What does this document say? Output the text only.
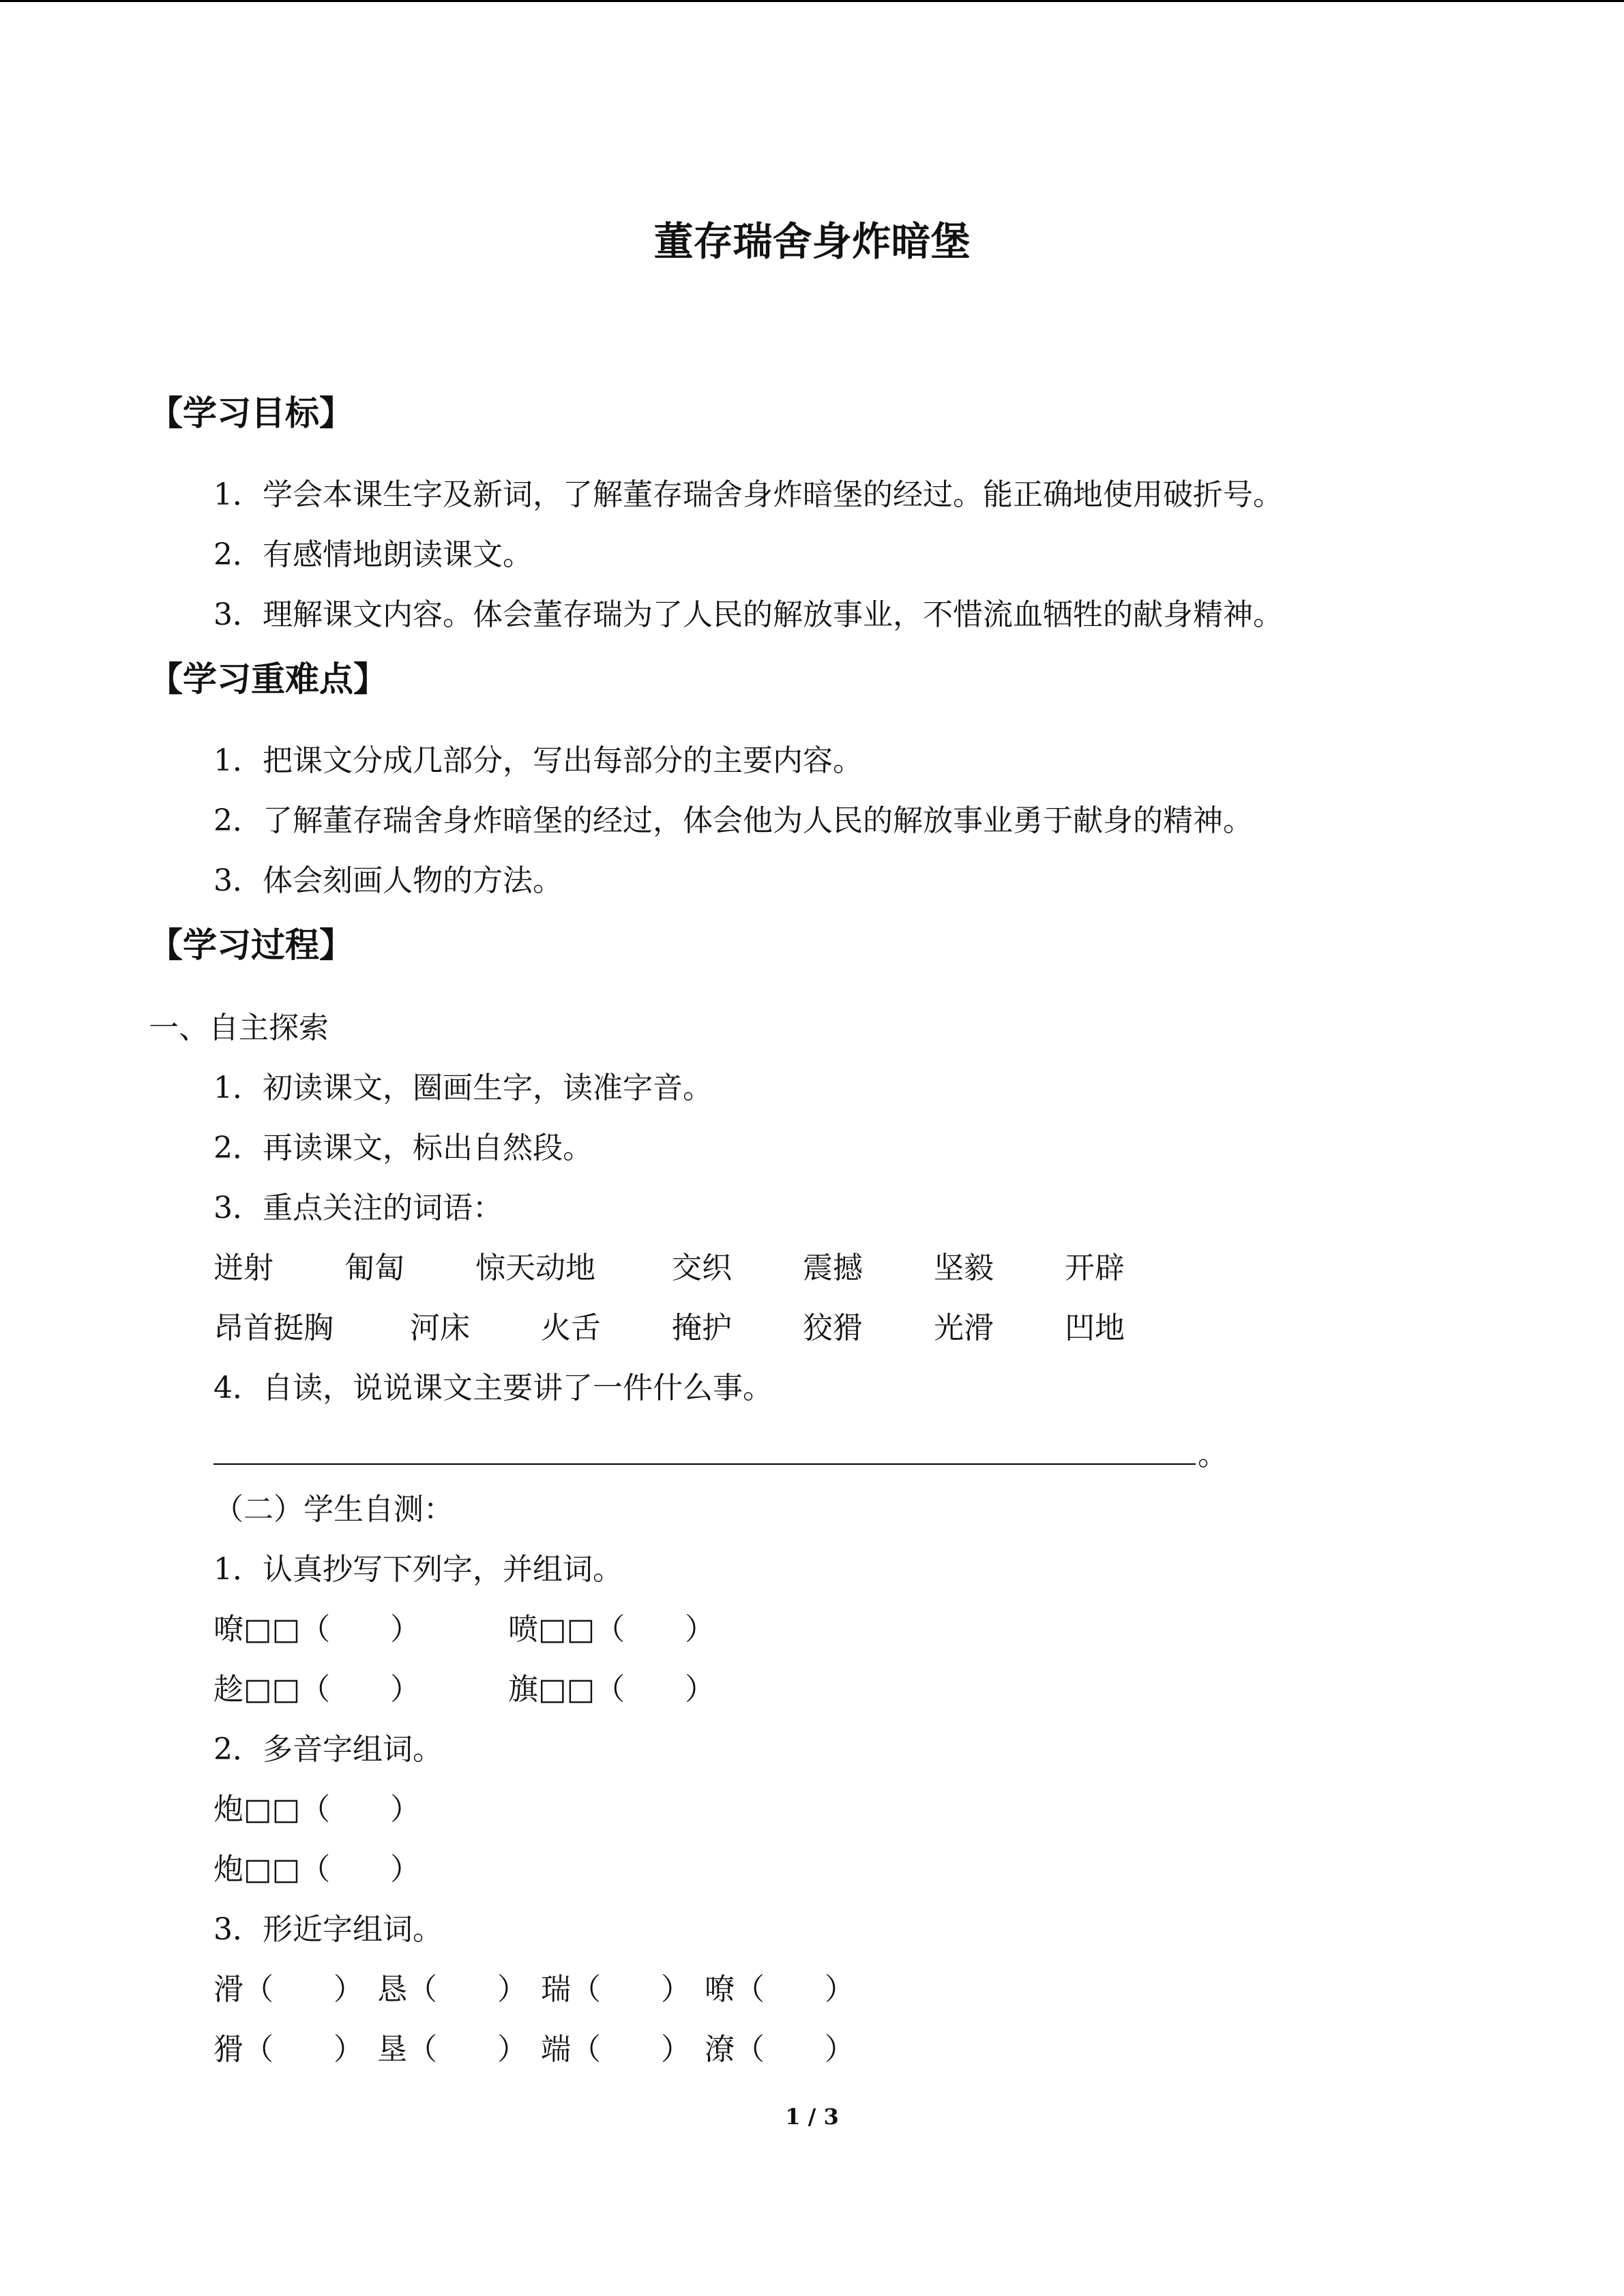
董存瑞舍身炸暗堡
【学习目标】
1．学会本课生字及新词，了解董存瑞舍身炸暗堡的经过。能正确地使用破折号。
2．有感情地朗读课文。
3．理解课文内容。体会董存瑞为了人民的解放事业，不惜流血牺牲的献身精神。
【学习重难点】
1．把课文分成几部分，写出每部分的主要内容。
2．了解董存瑞舍身炸暗堡的经过，体会他为人民的解放事业勇于献身的精神。
3．体会刻画人物的方法。
【学习过程】
一、自主探索
1．初读课文，圈画生字，读准字音。
2．再读课文，标出自然段。
3．重点关注的词语：
迸射 匍匐 惊天动地	交织 震撼 坚毅 开辟
昂首挺胸	河床 火舌 掩护 狡猾 光滑 凹地
4．自读，说说课文主要讲了一件什么事。
。
（二）学生自测：
1．认真抄写下列字，并组词。
嘹□□（　　）	喷□□（　　）
趁□□（　　）	旗□□（　　）
2．多音字组词。
炮□□（　　）
炮□□（　　）
3．形近字组词。
滑（　　） 恳（　　） 瑞（　　） 嘹（　　）
猾（　　） 垦（　　） 端（　　） 潦（　　）
1 / 3
